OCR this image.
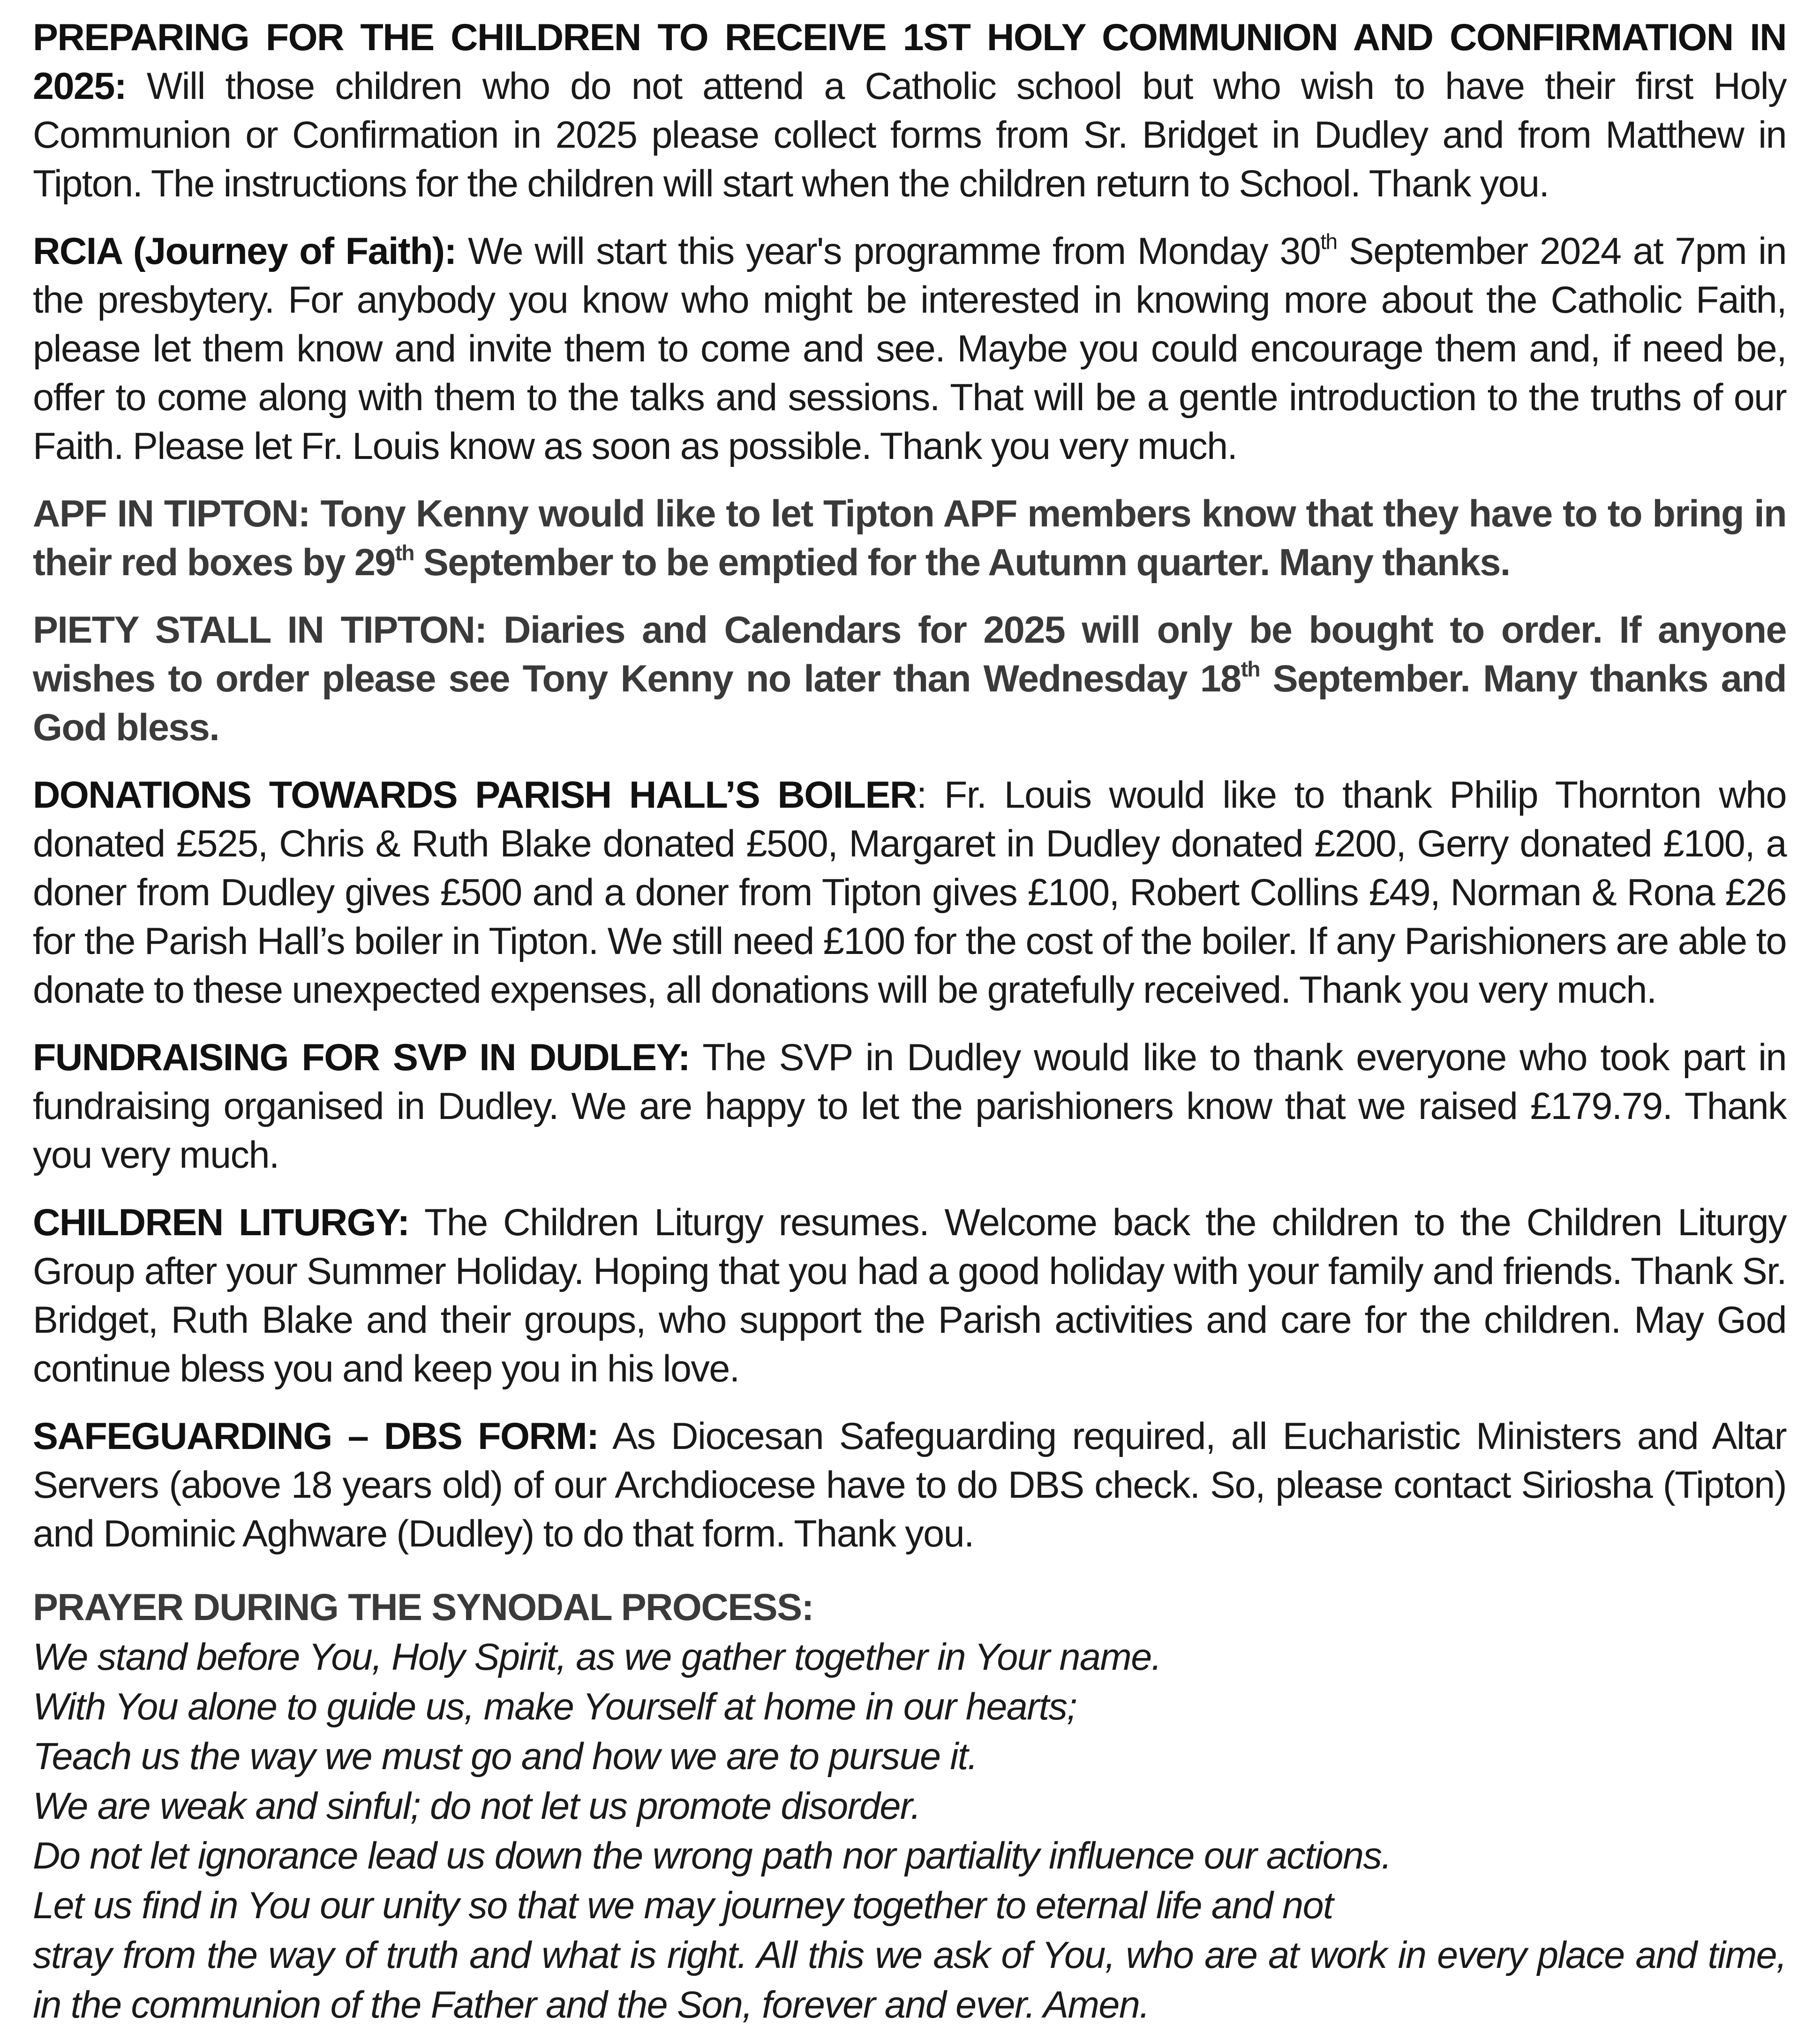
PREPARING FOR THE CHILDREN TO RECEIVE 1ST HOLY COMMUNION AND CONFIRMATION IN 2025: Will those children who do not attend a Catholic school but who wish to have their first Holy Communion or Confirmation in 2025 please collect forms from Sr. Bridget in Dudley and from Matthew in Tipton. The instructions for the children will start when the children return to School. Thank you.

RCIA (Journey of Faith): We will start this year's programme from Monday 30th September 2024 at 7pm in the presbytery. For anybody you know who might be interested in knowing more about the Catholic Faith, please let them know and invite them to come and see. Maybe you could encourage them and, if need be, offer to come along with them to the talks and sessions. That will be a gentle introduction to the truths of our Faith. Please let Fr. Louis know as soon as possible. Thank you very much.

APF IN TIPTON: Tony Kenny would like to let Tipton APF members know that they have to to bring in their red boxes by 29th September to be emptied for the Autumn quarter. Many thanks.

PIETY STALL IN TIPTON: Diaries and Calendars for 2025 will only be bought to order. If anyone wishes to order please see Tony Kenny no later than Wednesday 18th September. Many thanks and God bless.

DONATIONS TOWARDS PARISH HALL’S BOILER: Fr. Louis would like to thank Philip Thornton who donated £525, Chris & Ruth Blake donated £500, Margaret in Dudley donated £200, Gerry donated £100, a doner from Dudley gives £500 and a doner from Tipton gives £100, Robert Collins £49, Norman & Rona £26 for the Parish Hall’s boiler in Tipton. We still need £100 for the cost of the boiler. If any Parishioners are able to donate to these unexpected expenses, all donations will be gratefully received. Thank you very much.

FUNDRAISING FOR SVP IN DUDLEY: The SVP in Dudley would like to thank everyone who took part in fundraising organised in Dudley. We are happy to let the parishioners know that we raised £179.79. Thank you very much.

CHILDREN LITURGY: The Children Liturgy resumes. Welcome back the children to the Children Liturgy Group after your Summer Holiday. Hoping that you had a good holiday with your family and friends. Thank Sr. Bridget, Ruth Blake and their groups, who support the Parish activities and care for the children. May God continue bless you and keep you in his love.

SAFEGUARDING – DBS FORM: As Diocesan Safeguarding required, all Eucharistic Ministers and Altar Servers (above 18 years old) of our Archdiocese have to do DBS check. So, please contact Siriosha (Tipton) and Dominic Aghware (Dudley) to do that form. Thank you.

PRAYER DURING THE SYNODAL PROCESS:
We stand before You, Holy Spirit, as we gather together in Your name.
With You alone to guide us, make Yourself at home in our hearts;
Teach us the way we must go and how we are to pursue it.
We are weak and sinful; do not let us promote disorder.
Do not let ignorance lead us down the wrong path nor partiality influence our actions.
Let us find in You our unity so that we may journey together to eternal life and not
stray from the way of truth and what is right. All this we ask of You, who are at work in every place and time, in the communion of the Father and the Son, forever and ever. Amen.
